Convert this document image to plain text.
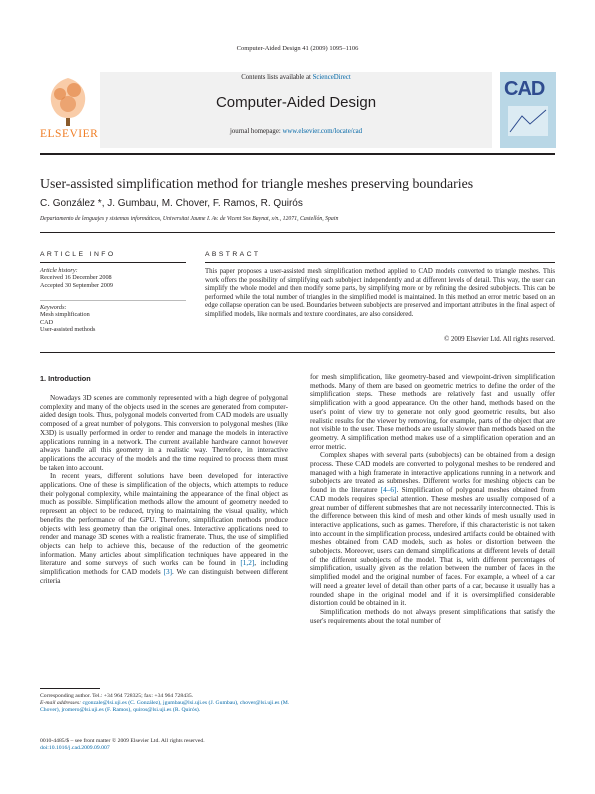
Computer-Aided Design 41 (2009) 1095–1106
ELSEVIER
Contents lists available at ScienceDirect
Computer-Aided Design
journal homepage: www.elsevier.com/locate/cad
CAD
User-assisted simplification method for triangle meshes preserving boundaries
C. González *, J. Gumbau, M. Chover, F. Ramos, R. Quirós
Departamento de lenguajes y sistemas informáticos, Universitat Jaume I. Av. de Vicent Sos Baynat, s/n., 12071, Castellón, Spain
ARTICLE INFO
Article history:
Received 16 December 2008
Accepted 30 September 2009
Keywords:
Mesh simplification
CAD
User-assisted methods
ABSTRACT
This paper proposes a user-assisted mesh simplification method applied to CAD models converted to triangle meshes. This work offers the possibility of simplifying each subobject independently and at different levels of detail. This way, the user can simplify the whole model and then modify some parts, by simplifying more or by refining the desired subobjects. This can be performed while the total number of triangles in the simplified model is maintained. In this method an error metric based on an edge collapse operation can be used. Boundaries between subobjects are preserved and important attributes in the final aspect of simplified models, like normals and texture coordinates, are also considered.
© 2009 Elsevier Ltd. All rights reserved.
1. Introduction

Nowadays 3D scenes are commonly represented with a high degree of polygonal complexity and many of the objects used in the scenes are generated from computer-aided design tools. Thus, polygonal models converted from CAD models are usually composed of a great number of polygons. This conversion to polygonal meshes (like X3D) is usually performed in order to render and manage the models in interactive applications running in a network. The current available hardware cannot however always handle all this geometry in a realistic way. Therefore, in interactive applications the accuracy of the models and the time required to process them must be taken into account.

In recent years, different solutions have been developed for interactive applications. One of these is simplification of the objects, which attempts to reduce their polygonal complexity, while maintaining the appearance of the final object as much as possible. Simplification methods allow the amount of geometry needed to represent an object to be reduced, trying to maintaining the visual quality, which benefits the performance of the GPU. Therefore, simplification methods produce objects with less geometry than the original ones. Interactive applications need to render and manage 3D scenes with a realistic framerate. Thus, the use of simplified objects can help to achieve this, because of the reduction of the geometric information. Many articles about simplification techniques have appeared in the literature and some surveys of such works can be found in [1,2], including simplification methods for CAD models [3]. We can distinguish between different criteria

for mesh simplification, like geometry-based and viewpoint-driven simplification methods. Many of them are based on geometric metrics to define the order of the simplification steps. These methods are relatively fast and usually offer simplification with a good appearance. On the other hand, methods based on the user's point of view try to generate not only good geometric results, but also realistic results for the viewer by removing, for example, parts of the object that are not visible to the user. These methods are usually slower than methods based on the geometry. A simplification method makes use of a simplification operation and an error metric.

Complex shapes with several parts (subobjects) can be obtained from a design process. These CAD models are converted to polygonal meshes to be rendered and managed with a high framerate in interactive applications running in a network and subobjects are treated as submeshes. Different works for meshing objects can be found in the literature [4–6]. Simplification of polygonal meshes obtained from CAD models requires special attention. These meshes are usually composed of a great number of different submeshes that are not necessarily interconnected. This is the difference between this kind of mesh and other kinds of mesh usually used in interactive applications, such as games. Therefore, if this characteristic is not taken into account in the simplification process, undesired artifacts could be obtained with meshes obtained from CAD models, such as holes or distortion between the subobjects. Moreover, users can demand simplifications at different levels of detail of the different subobjects of the model. That is, with different percentages of simplification, usually given as the relation between the number of faces in the simplified model and the original number of faces. For example, a wheel of a car will need a greater level of detail than other parts of a car, because it usually has a rounded shape in the original model and if it is oversimplified considerable distortion could be obtained in it.

Simplification methods do not always present simplifications that satisfy the user's requirements about the total number of

Corresponding author. Tel.: +34 964 728325; fax: +34 964 728435.
E-mail addresses: cgonzale@lsi.uji.es (C. González), jgumbau@lsi.uji.es (J. Gumbau), chover@lsi.uji.es (M. Chover), jromero@lsi.uji.es (F. Ramos), quiros@lsi.uji.es (R. Quirós).
0010-4485/$ – see front matter © 2009 Elsevier Ltd. All rights reserved.
doi:10.1016/j.cad.2009.09.007
